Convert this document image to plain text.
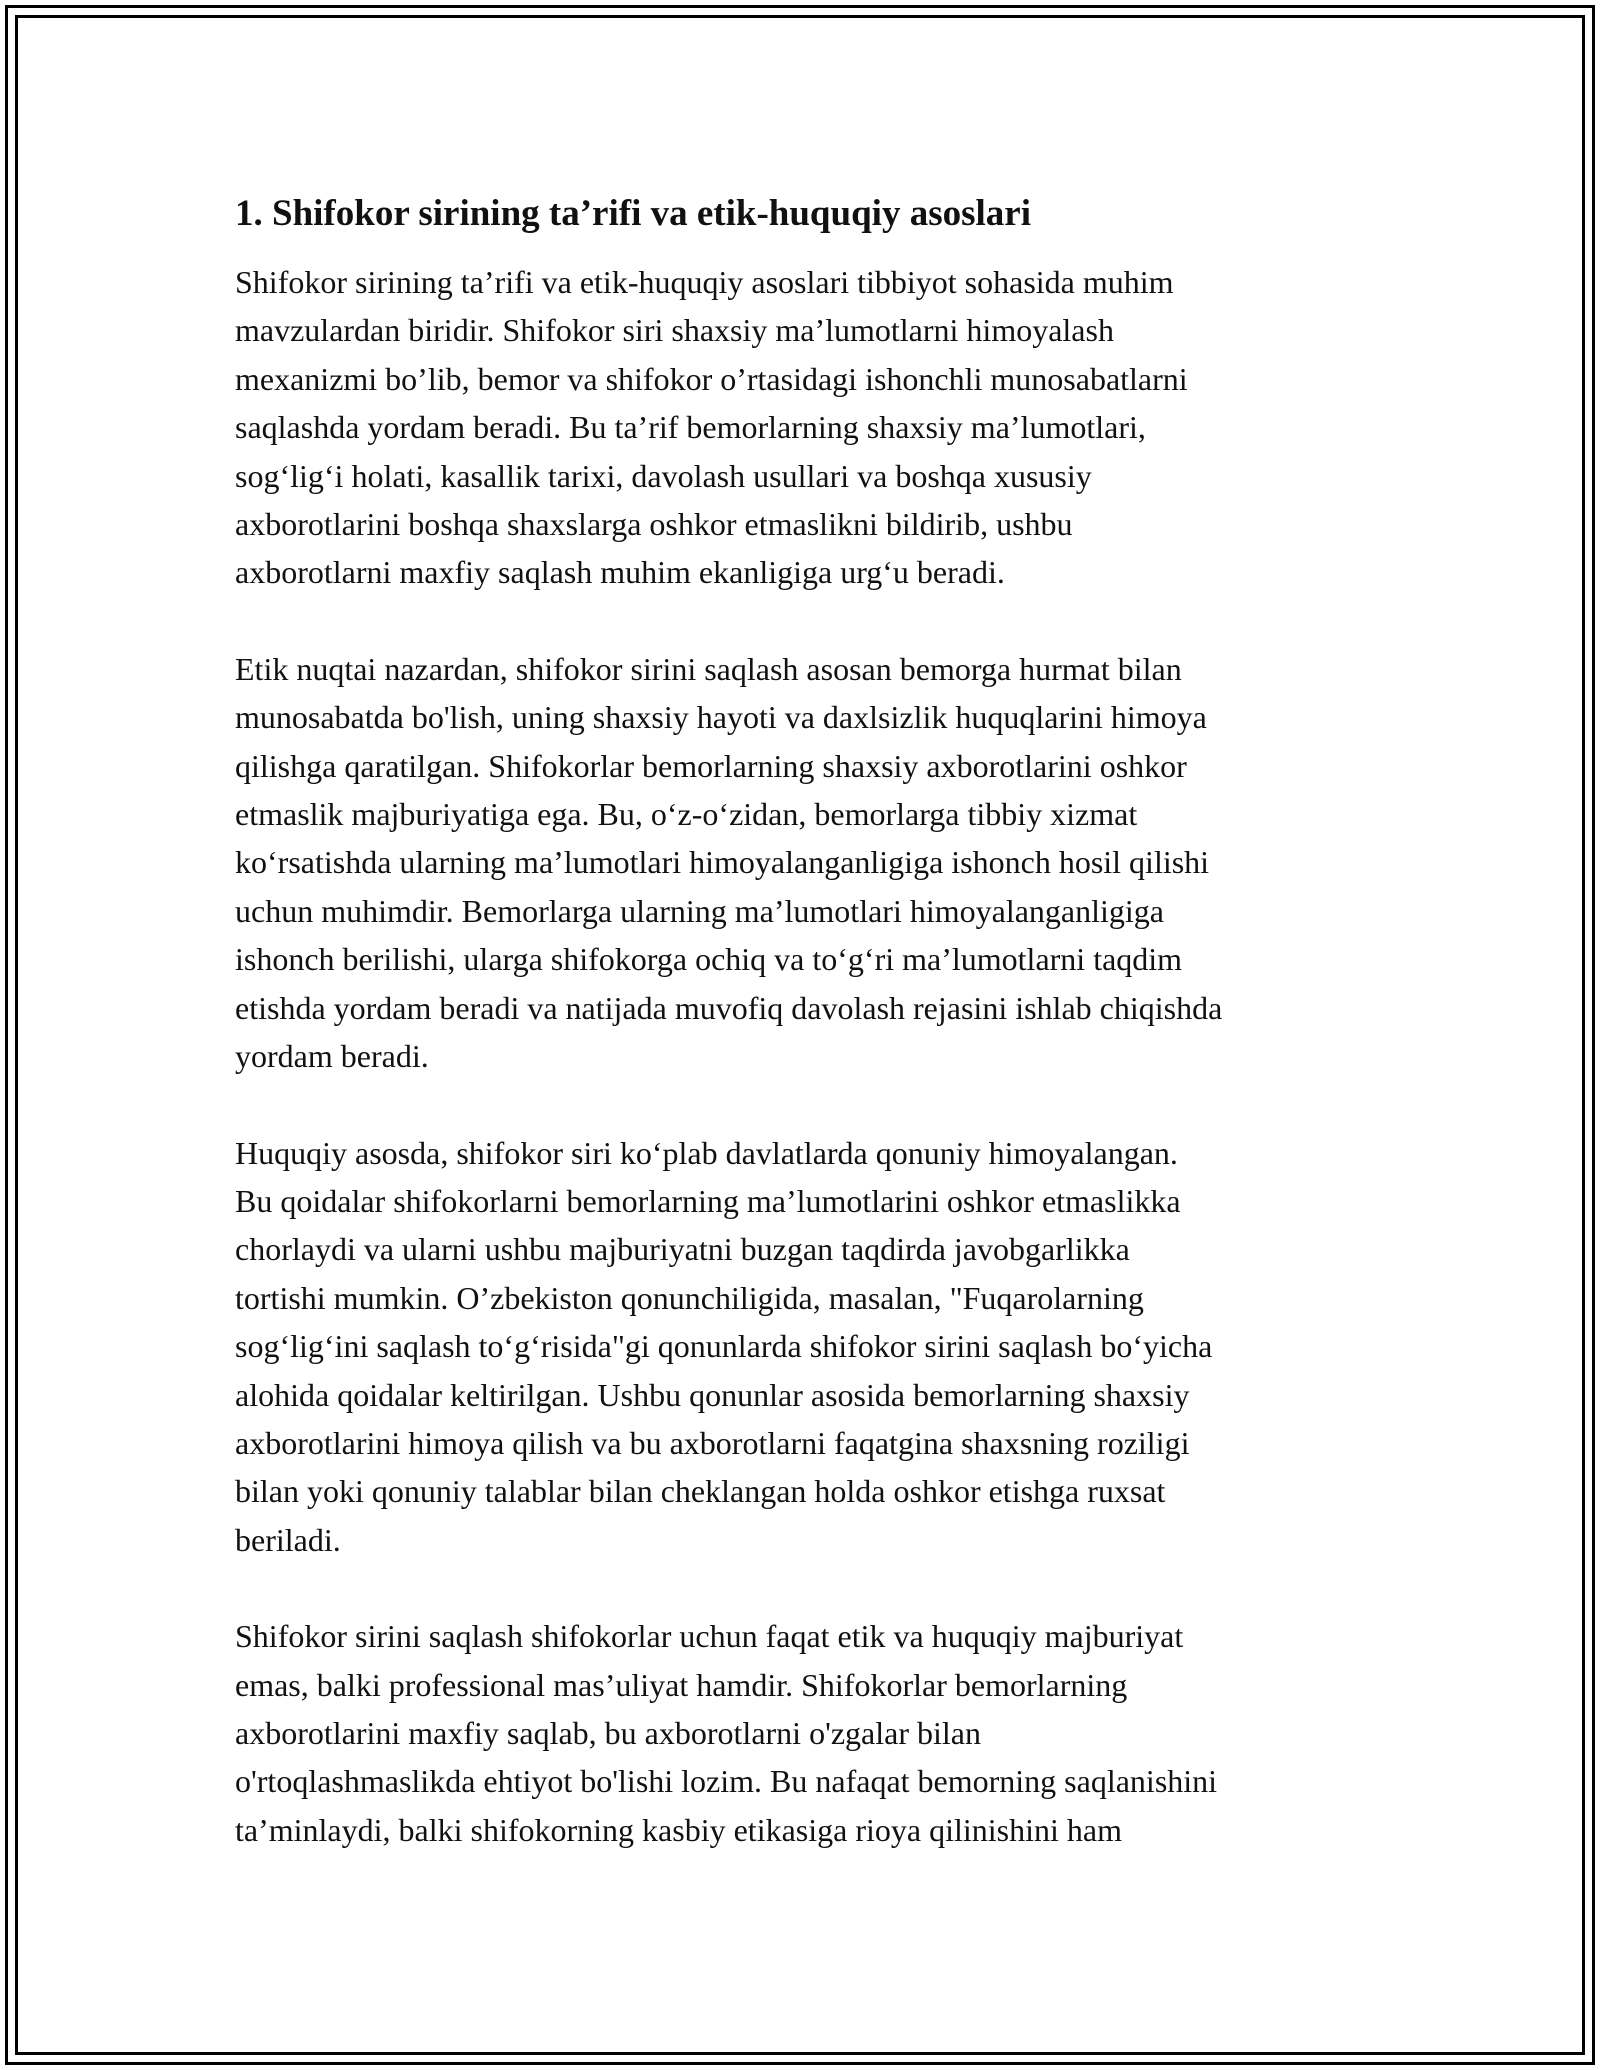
1. Shifokor sirining ta’rifi va etik-huquqiy asoslari

Shifokor sirining ta’rifi va etik-huquqiy asoslari tibbiyot sohasida muhim
mavzulardan biridir. Shifokor siri shaxsiy ma’lumotlarni himoyalash
mexanizmi bo’lib, bemor va shifokor o’rtasidagi ishonchli munosabatlarni
saqlashda yordam beradi. Bu ta’rif bemorlarning shaxsiy ma’lumotlari,
sog‘lig‘i holati, kasallik tarixi, davolash usullari va boshqa xususiy
axborotlarini boshqa shaxslarga oshkor etmaslikni bildirib, ushbu
axborotlarni maxfiy saqlash muhim ekanligiga urg‘u beradi.

Etik nuqtai nazardan, shifokor sirini saqlash asosan bemorga hurmat bilan
munosabatda bo'lish, uning shaxsiy hayoti va daxlsizlik huquqlarini himoya
qilishga qaratilgan. Shifokorlar bemorlarning shaxsiy axborotlarini oshkor
etmaslik majburiyatiga ega. Bu, o‘z-o‘zidan, bemorlarga tibbiy xizmat
ko‘rsatishda ularning ma’lumotlari himoyalanganligiga ishonch hosil qilishi
uchun muhimdir. Bemorlarga ularning ma’lumotlari himoyalanganligiga
ishonch berilishi, ularga shifokorga ochiq va to‘g‘ri ma’lumotlarni taqdim
etishda yordam beradi va natijada muvofiq davolash rejasini ishlab chiqishda
yordam beradi.

Huquqiy asosda, shifokor siri ko‘plab davlatlarda qonuniy himoyalangan.
Bu qoidalar shifokorlarni bemorlarning ma’lumotlarini oshkor etmaslikka
chorlaydi va ularni ushbu majburiyatni buzgan taqdirda javobgarlikka
tortishi mumkin. O’zbekiston qonunchiligida, masalan, "Fuqarolarning
sog‘lig‘ini saqlash to‘g‘risida"gi qonunlarda shifokor sirini saqlash bo‘yicha
alohida qoidalar keltirilgan. Ushbu qonunlar asosida bemorlarning shaxsiy
axborotlarini himoya qilish va bu axborotlarni faqatgina shaxsning roziligi
bilan yoki qonuniy talablar bilan cheklangan holda oshkor etishga ruxsat
beriladi.

Shifokor sirini saqlash shifokorlar uchun faqat etik va huquqiy majburiyat
emas, balki professional mas’uliyat hamdir. Shifokorlar bemorlarning
axborotlarini maxfiy saqlab, bu axborotlarni o'zgalar bilan
o'rtoqlashmaslikda ehtiyot bo'lishi lozim. Bu nafaqat bemorning saqlanishini
ta’minlaydi, balki shifokorning kasbiy etikasiga rioya qilinishini ham
